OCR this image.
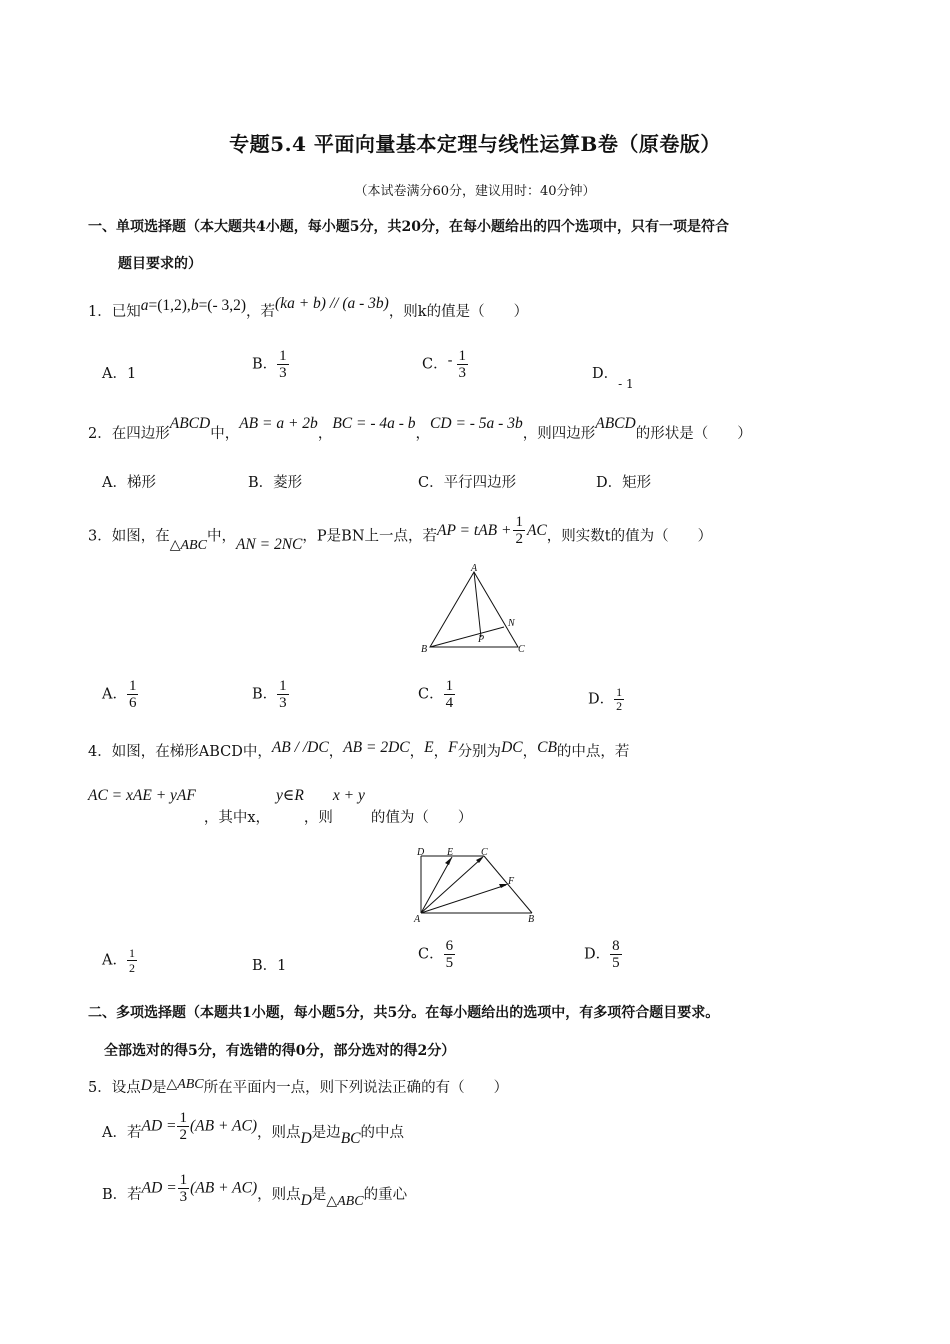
专题5.4 平面向量基本定理与线性运算B卷（原卷版）
（本试卷满分60分，建议用时：40分钟）
一、单项选择题（本大题共4小题，每小题5分，共20分，在每小题给出的四个选项中，只有一项是符合
题目要求的）
1．已知a=(1,2),b=(- 3,2)，若(ka + b) // (a - 3b)，则k的值是（　　）
A．1
B． $\frac{1}{3}$	C．- $\frac{1}{3}$	D．$_{- 1}$
2．在四边形ABCD中，AB = a + 2b，BC = - 4a - b，CD = - 5a - 3b，则四边形ABCD的形状是（　　）
A．梯形	B．菱形	C．平行四边形	D．矩形
3．如图，在△ABC中，AN = 2NC，P是BN上一点，若AP = tAB + $\frac{1}{2}$ AC，则实数t的值为（　　）
A
B	C
N
P
A． $\frac{1}{6}$	B． $\frac{1}{3}$	C． $\frac{1}{4}$	D． $\frac{1}{2}$
4．如图，在梯形ABCD中，AB / /DC，AB = 2DC，E，F分别为DC，CB的中点，若
AC = xAE + yAF，其中x，y∈R，则x + y的值为（　　）
D E	C
F
A	B
A． $\frac{1}{2}$	B．1
C． $\frac{6}{5}$	D． $\frac{8}{5}$
二、多项选择题（本题共1小题，每小题5分，共5分。在每小题给出的选项中，有多项符合题目要求。
全部选对的得5分，有选错的得0分，部分选对的得2分）
5．设点D是△ABC所在平面内一点，则下列说法正确的有（　　）
A．若AD = $\frac{1}{2} (AB + AC)$，则点D是边BC的中点
B．若AD = $\frac{1}{3} (AB + AC)$，则点D是△ABC的重心
